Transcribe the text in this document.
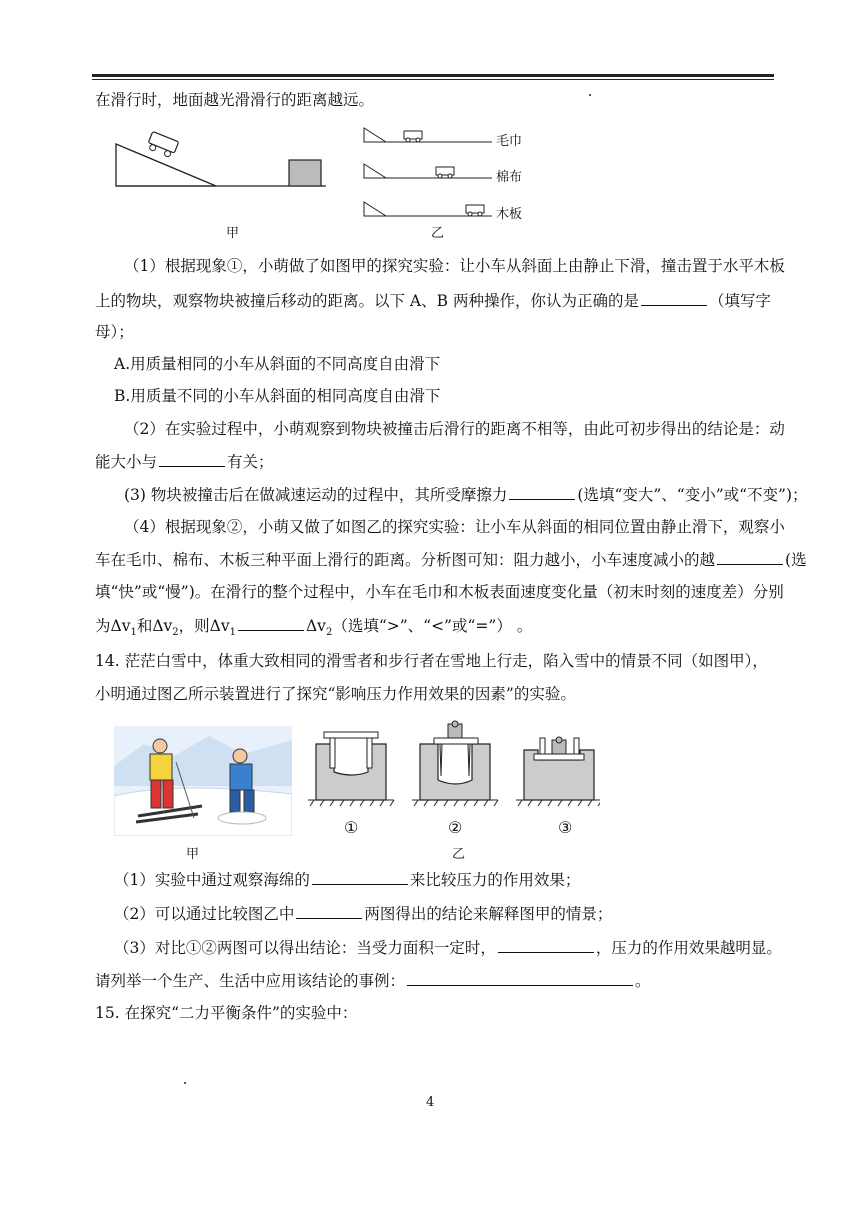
在滑行时，地面越光滑滑行的距离越远。
甲
毛巾
棉布
木板
乙
（1）根据现象①，小萌做了如图甲的探究实验：让小车从斜面上由静止下滑，撞击置于水平木板
上的物块，观察物块被撞后移动的距离。以下 A、B 两种操作，你认为正确的是	（填写字
母）；
A.用质量相同的小车从斜面的不同高度自由滑下
B.用质量不同的小车从斜面的相同高度自由滑下
（2）在实验过程中，小萌观察到物块被撞击后滑行的距离不相等，由此可初步得出的结论是：动
能大小与	有关；
(3) 物块被撞击后在做减速运动的过程中，其所受摩擦力	(选填“变大”、“变小”或“不变”)；
（4）根据现象②，小萌又做了如图乙的探究实验：让小车从斜面的相同位置由静止滑下，观察小
车在毛巾、棉布、木板三种平面上滑行的距离。分析图可知：阻力越小，小车速度减小的越	(选
填“快”或“慢”)。在滑行的整个过程中，小车在毛巾和木板表面速度变化量（初末时刻的速度差）分别
为$\Delta v_1$和$\Delta v_2$，则$\Delta v_1$	$\Delta v_2$（选填“>”、“<”或“=”） 。
14. 茫茫白雪中，体重大致相同的滑雪者和步行者在雪地上行走，陷入雪中的情景不同（如图甲），
小明通过图乙所示装置进行了探究“影响压力作用效果的因素”的实验。
甲
①	②	③
乙
（1）实验中通过观察海绵的	来比较压力的作用效果；
（2）可以通过比较图乙中	两图得出的结论来解释图甲的情景；
（3）对比①②两图可以得出结论：当受力面积一定时，	，压力的作用效果越明显。
请列举一个生产、生活中应用该结论的事例：	。
15. 在探究“二力平衡条件”的实验中：
4
